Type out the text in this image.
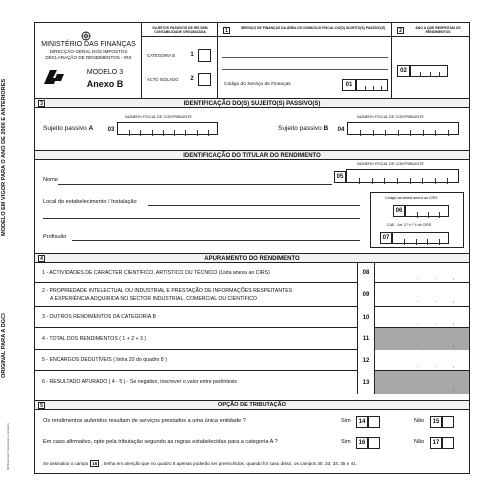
MODELO EM VIGOR PARA O ANO DE 2006 E ANTERIORES
ORIGINAL PARA A DGCI
IM Nacional / Impressão e Acabam.
MINISTÉRIO DAS FINANÇAS
DIRECÇÃO-GERAL DOS IMPOSTOS
DECLARAÇÃO DE RENDIMENTOS - IRS
MODELO 3
Anexo B
SUJEITOS PASSIVOS DE IRS SEM CONTABILIDADE ORGANIZADA
CATEGORIA B	1
ACTO ISOLADO	2
1	SERVIÇO DE FINANÇAS DA ÁREA DO DOMICÍLIO FISCAL DO(S) SUJEITO(S) PASSIVO(S)
Código do Serviço de Finanças	01
2	ANO A QUE RESPEITAM OS RENDIMENTOS
02
3	IDENTIFICAÇÃO DO(S) SUJEITO(S) PASSIVO(S)
NÚMERO FISCAL DE CONTRIBUINTE
Sujeito passivo A	03
NÚMERO FISCAL DE CONTRIBUINTE
Sujeito passivo B	04
IDENTIFICAÇÃO DO TITULAR DO RENDIMENTO
NÚMERO FISCAL DE CONTRIBUINTE
Nome	05
Local do estabelecimento / Instalação
Código da tabela anexa ao CIRS
06
CAE - Art. 3.º n.º 4 do CIRS
07
Profissão
4	APURAMENTO DO RENDIMENTO
1 - ACTIVIDADES DE CARÁCTER CIENTÍFICO, ARTÍSTICO OU TÉCNICO (Lista anexa ao CIRS)	08
.	.	,
2 - PROPRIEDADE INTELECTUAL OU INDUSTRIAL E PRESTAÇÃO DE INFORMAÇÕES RESPEITANTES
A EXPERIÊNCIA ADQUIRIDA NO SECTOR INDUSTRIAL, COMERCIAL OU CIENTÍFICO
09
.	.	,
3 - OUTROS RENDIMENTOS DA CATEGORIA B	10
.	.	,
4 - TOTAL DOS RENDIMENTOS ( 1 + 2 + 3 )	11
.	.	,
5 - ENCARGOS DEDUTÍVEIS ( linha 20 do quadro 8 )	12
.	.	,
6 - RESULTADO APURADO ( 4 - 5 ) - Se negativo, inscrever o valor entre parêntesis	13
.	.	,
5	OPÇÃO DE TRIBUTAÇÃO
Os rendimentos auferidos resultam de serviços prestados a uma única entidade ?	Sim	14	Não	15
Em caso afirmativo, opte pela tributação segundo as regras estabelecidas para a categoria A ?	Sim	16	Não	17
Se assinalou o campo 16 , tenha em atenção que no quadro 8 apenas poderão ser preenchidos, quando for caso disso, os campos 30, 33, 34, 35 e 41.
